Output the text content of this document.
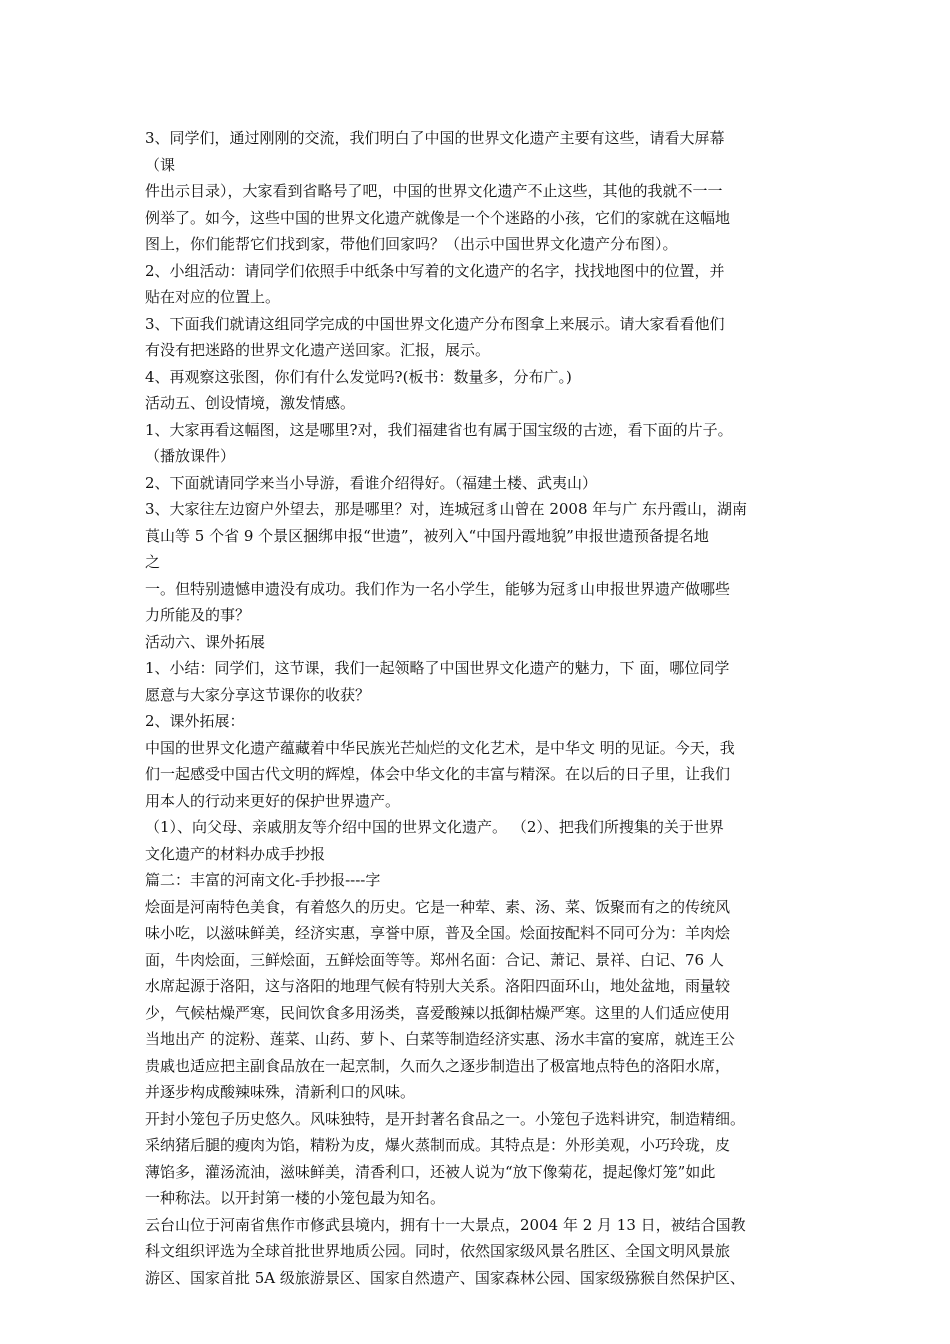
3、同学们，通过刚刚的交流，我们明白了中国的世界文化遗产主要有这些，请看大屏幕
（课
件出示目录），大家看到省略号了吧，中国的世界文化遗产不止这些，其他的我就不一一
例举了。如今，这些中国的世界文化遗产就像是一个个迷路的小孩，它们的家就在这幅地
图上，你们能帮它们找到家，带他们回家吗？（出示中国世界文化遗产分布图）。
2、小组活动：请同学们依照手中纸条中写着的文化遗产的名字，找找地图中的位置，并
贴在对应的位置上。
3、下面我们就请这组同学完成的中国世界文化遗产分布图拿上来展示。请大家看看他们
有没有把迷路的世界文化遗产送回家。汇报，展示。
4、再观察这张图，你们有什么发觉吗?(板书：数量多，分布广。)
活动五、创设情境，激发情感。
1、大家再看这幅图，这是哪里?对，我们福建省也有属于国宝级的古迹，看下面的片子。
（播放课件）
2、下面就请同学来当小导游，看谁介绍得好。（福建土楼、武夷山）
3、大家往左边窗户外望去，那是哪里？对，连城冠豸山曾在 2008 年与广 东丹霞山，湖南
莨山等 5 个省 9 个景区捆绑申报“世遗”，被列入“中国丹霞地貌”申报世遗预备提名地
之
一。但特别遗憾申遗没有成功。我们作为一名小学生，能够为冠豸山申报世界遗产做哪些
力所能及的事？
活动六、课外拓展
1、小结：同学们，这节课，我们一起领略了中国世界文化遗产的魅力，下 面，哪位同学
愿意与大家分享这节课你的收获？
2、课外拓展：
中国的世界文化遗产蕴藏着中华民族光芒灿烂的文化艺术，是中华文 明的见证。今天，我
们一起感受中国古代文明的辉煌，体会中华文化的丰富与精深。在以后的日子里，让我们
用本人的行动来更好的保护世界遗产。
（1）、向父母、亲戚朋友等介绍中国的世界文化遗产。 （2）、把我们所搜集的关于世界
文化遗产的材料办成手抄报
篇二：丰富的河南文化-手抄报----字
烩面是河南特色美食，有着悠久的历史。它是一种荤、素、汤、菜、饭聚而有之的传统风
味小吃，以滋味鲜美，经济实惠，享誉中原，普及全国。烩面按配料不同可分为：羊肉烩
面，牛肉烩面，三鲜烩面，五鲜烩面等等。郑州名面：合记、萧记、景祥、白记、76 人
水席起源于洛阳，这与洛阳的地理气候有特别大关系。洛阳四面环山，地处盆地，雨量较
少，气候枯燥严寒，民间饮食多用汤类，喜爱酸辣以抵御枯燥严寒。这里的人们适应使用
当地出产 的淀粉、莲菜、山药、萝卜、白菜等制造经济实惠、汤水丰富的宴席，就连王公
贵戚也适应把主副食品放在一起烹制，久而久之逐步制造出了极富地点特色的洛阳水席，
并逐步构成酸辣味殊，清新利口的风味。
开封小笼包子历史悠久。风味独特，是开封著名食品之一。小笼包子选料讲究，制造精细。
采纳猪后腿的瘦肉为馅，精粉为皮，爆火蒸制而成。其特点是：外形美观，小巧玲珑，皮
薄馅多，灌汤流油，滋味鲜美，清香利口，还被人说为“放下像菊花，提起像灯笼”如此
一种称法。以开封第一楼的小笼包最为知名。
云台山位于河南省焦作市修武县境内，拥有十一大景点，2004 年 2 月 13 日，被结合国教
科文组织评选为全球首批世界地质公园。同时，依然国家级风景名胜区、全国文明风景旅
游区、国家首批 5A 级旅游景区、国家自然遗产、国家森林公园、国家级猕猴自然保护区、
